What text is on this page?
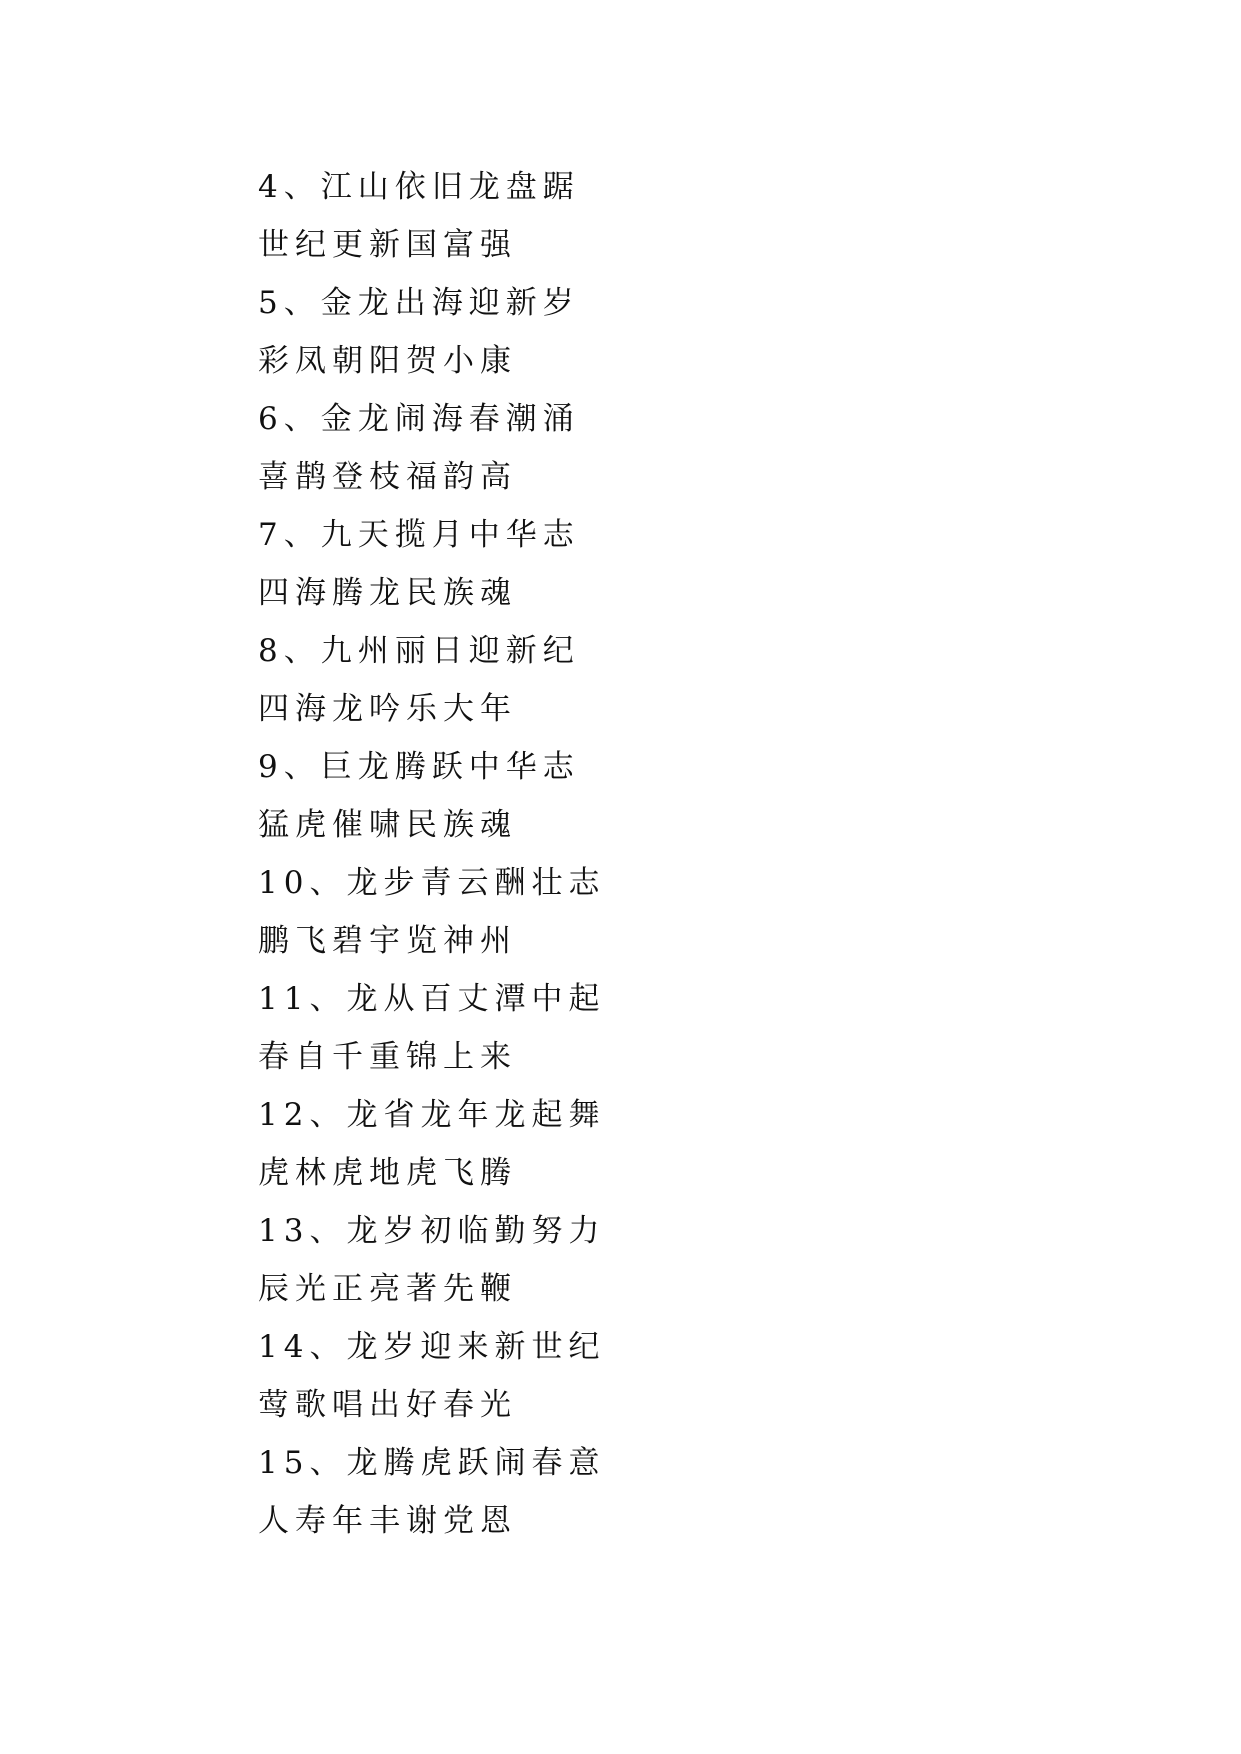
4、江山依旧龙盘踞
世纪更新国富强
5、金龙出海迎新岁
彩凤朝阳贺小康
6、金龙闹海春潮涌
喜鹊登枝福韵高
7、九天揽月中华志
四海腾龙民族魂
8、九州丽日迎新纪
四海龙吟乐大年
9、巨龙腾跃中华志
猛虎催啸民族魂
10、龙步青云酬壮志
鹏飞碧宇览神州
11、龙从百丈潭中起
春自千重锦上来
12、龙省龙年龙起舞
虎林虎地虎飞腾
13、龙岁初临勤努力
辰光正亮著先鞭
14、龙岁迎来新世纪
莺歌唱出好春光
15、龙腾虎跃闹春意
人寿年丰谢党恩
